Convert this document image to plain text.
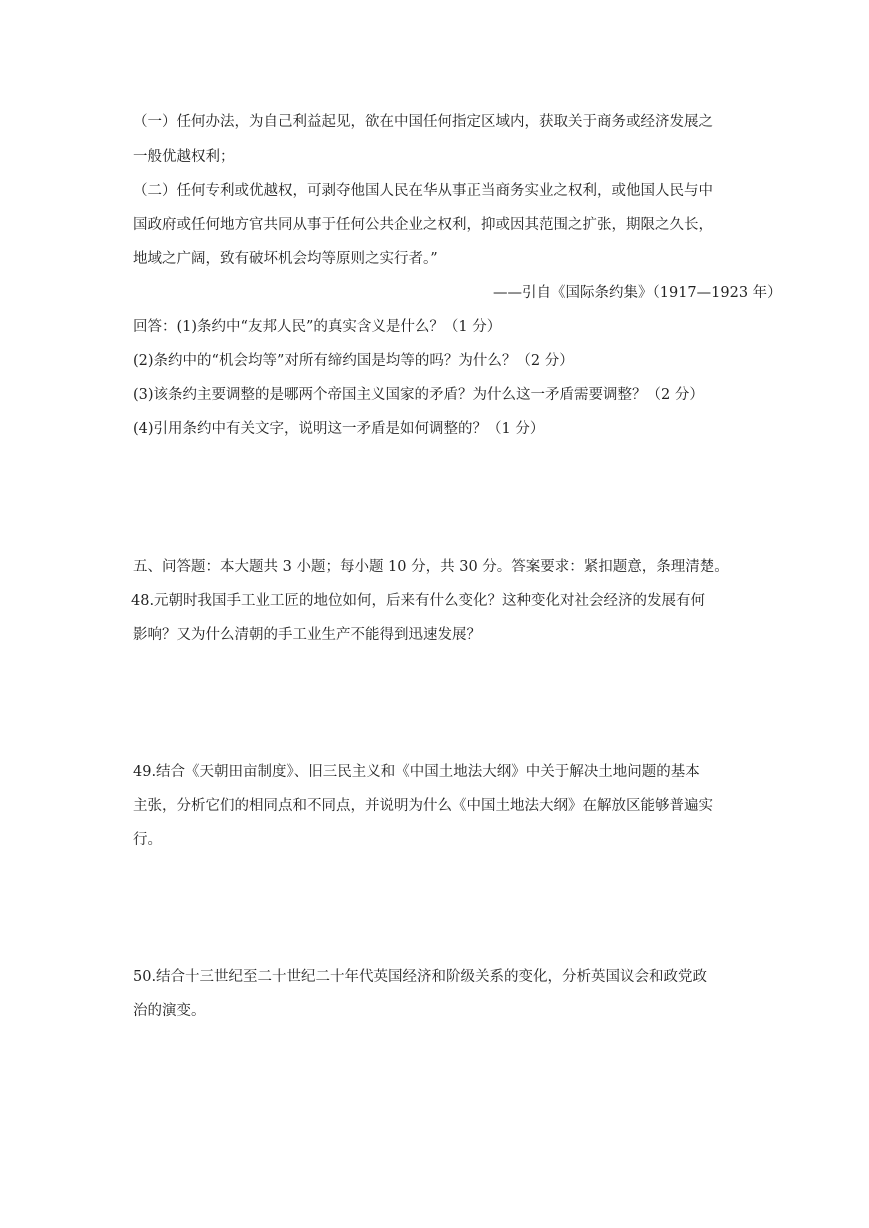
（一）任何办法，为自己利益起见，欲在中国任何指定区域内，获取关于商务或经济发展之
一般优越权利；
（二）任何专利或优越权，可剥夺他国人民在华从事正当商务实业之权利，或他国人民与中
国政府或任何地方官共同从事于任何公共企业之权利，抑或因其范围之扩张，期限之久长，
地域之广阔，致有破坏机会均等原则之实行者。”
——引自《国际条约集》（1917—1923 年）
回答：(1)条约中“友邦人民”的真实含义是什么？（1 分）
(2)条约中的“机会均等”对所有缔约国是均等的吗？为什么？（2 分）
(3)该条约主要调整的是哪两个帝国主义国家的矛盾？为什么这一矛盾需要调整？（2 分）
(4)引用条约中有关文字，说明这一矛盾是如何调整的？（1 分）
五、问答题：本大题共 3 小题；每小题 10 分，共 30 分。答案要求：紧扣题意，条理清楚。
48.元朝时我国手工业工匠的地位如何，后来有什么变化？这种变化对社会经济的发展有何
影响？又为什么清朝的手工业生产不能得到迅速发展？
49.结合《天朝田亩制度》、旧三民主义和《中国土地法大纲》中关于解决土地问题的基本
主张，分析它们的相同点和不同点，并说明为什么《中国土地法大纲》在解放区能够普遍实
行。
50.结合十三世纪至二十世纪二十年代英国经济和阶级关系的变化，分析英国议会和政党政
治的演变。
